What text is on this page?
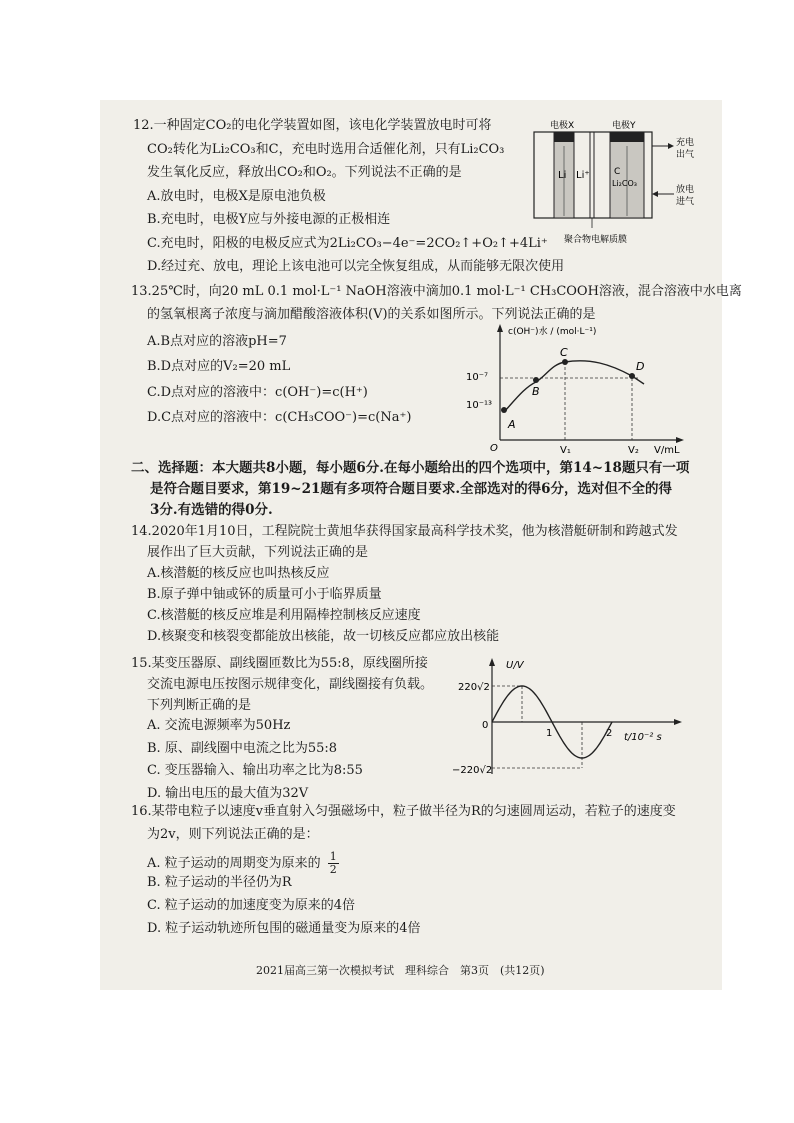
12.一种固定CO₂的电化学装置如图，该电化学装置放电时可将
CO₂转化为Li₂CO₃和C，充电时选用合适催化剂，只有Li₂CO₃
发生氧化反应，释放出CO₂和O₂。下列说法不正确的是
A.放电时，电极X是原电池负极
B.充电时，电极Y应与外接电源的正极相连
C.充电时，阳极的电极反应式为2Li₂CO₃−4e⁻=2CO₂↑+O₂↑+4Li⁺
D.经过充、放电，理论上该电池可以完全恢复组成，从而能够无限次使用
电极X	电极Y
Li Li⁺	C
Li₂CO₃
充电
出气
放电
进气
聚合物电解质膜
13.25℃时，向20 mL 0.1 mol·L⁻¹ NaOH溶液中滴加0.1 mol·L⁻¹ CH₃COOH溶液，混合溶液中水电离
的氢氧根离子浓度与滴加醋酸溶液体积(V)的关系如图所示。下列说法正确的是
A.B点对应的溶液pH=7
B.D点对应的V₂=20 mL
C.D点对应的溶液中：c(OH⁻)=c(H⁺)
D.C点对应的溶液中：c(CH₃COO⁻)=c(Na⁺)
c(OH⁻)水 / (mol·L⁻¹)
V/mL
O
10⁻⁷
10⁻¹³
V₁	V₂
A
B
C
D
二、选择题：本大题共8小题，每小题6分.在每小题给出的四个选项中，第14~18题只有一项
是符合题目要求，第19~21题有多项符合题目要求.全部选对的得6分，选对但不全的得
3分.有选错的得0分.
14.2020年1月10日，工程院院士黄旭华获得国家最高科学技术奖，他为核潜艇研制和跨越式发
展作出了巨大贡献，下列说法正确的是
A.核潜艇的核反应也叫热核反应
B.原子弹中铀或钚的质量可小于临界质量
C.核潜艇的核反应堆是利用隔棒控制核反应速度
D.核聚变和核裂变都能放出核能，故一切核反应都应放出核能
15.某变压器原、副线圈匝数比为55:8，原线圈所接
交流电源电压按图示规律变化，副线圈接有负载。
下列判断正确的是
A. 交流电源频率为50Hz
B. 原、副线圈中电流之比为55:8
C. 变压器输入、输出功率之比为8:55
D. 输出电压的最大值为32V
U/V
t/10⁻² s
0
220√2
−220√2
1	2
16.某带电粒子以速度v垂直射入匀强磁场中，粒子做半径为R的匀速圆周运动，若粒子的速度变
为2v，则下列说法正确的是：
A. 粒子运动的周期变为原来的 $\frac{1}{2}$
B. 粒子运动的半径仍为R
C. 粒子运动的加速度变为原来的4倍
D. 粒子运动轨迹所包围的磁通量变为原来的4倍
2021届高三第一次模拟考试　理科综合　第3页　(共12页)
